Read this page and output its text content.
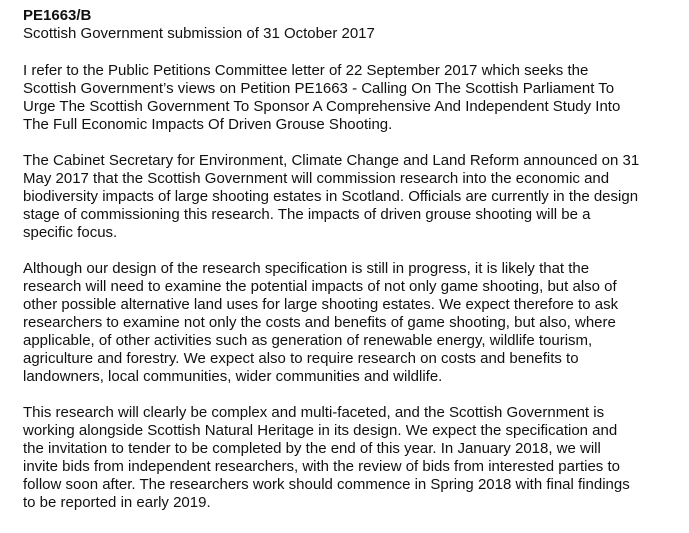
PE1663/B
Scottish Government submission of 31 October 2017
I refer to the Public Petitions Committee letter of 22 September 2017 which seeks the
Scottish Government’s views on Petition PE1663 - Calling On The Scottish Parliament To
Urge The Scottish Government To Sponsor A Comprehensive And Independent Study Into
The Full Economic Impacts Of Driven Grouse Shooting.
The Cabinet Secretary for Environment, Climate Change and Land Reform announced on 31
May 2017 that the Scottish Government will commission research into the economic and
biodiversity impacts of large shooting estates in Scotland. Officials are currently in the design
stage of commissioning this research. The impacts of driven grouse shooting will be a
specific focus.
Although our design of the research specification is still in progress, it is likely that the
research will need to examine the potential impacts of not only game shooting, but also of
other possible alternative land uses for large shooting estates. We expect therefore to ask
researchers to examine not only the costs and benefits of game shooting, but also, where
applicable, of other activities such as generation of renewable energy, wildlife tourism,
agriculture and forestry. We expect also to require research on costs and benefits to
landowners, local communities, wider communities and wildlife.
This research will clearly be complex and multi-faceted, and the Scottish Government is
working alongside Scottish Natural Heritage in its design. We expect the specification and
the invitation to tender to be completed by the end of this year. In January 2018, we will
invite bids from independent researchers, with the review of bids from interested parties to
follow soon after. The researchers work should commence in Spring 2018 with final findings
to be reported in early 2019.
